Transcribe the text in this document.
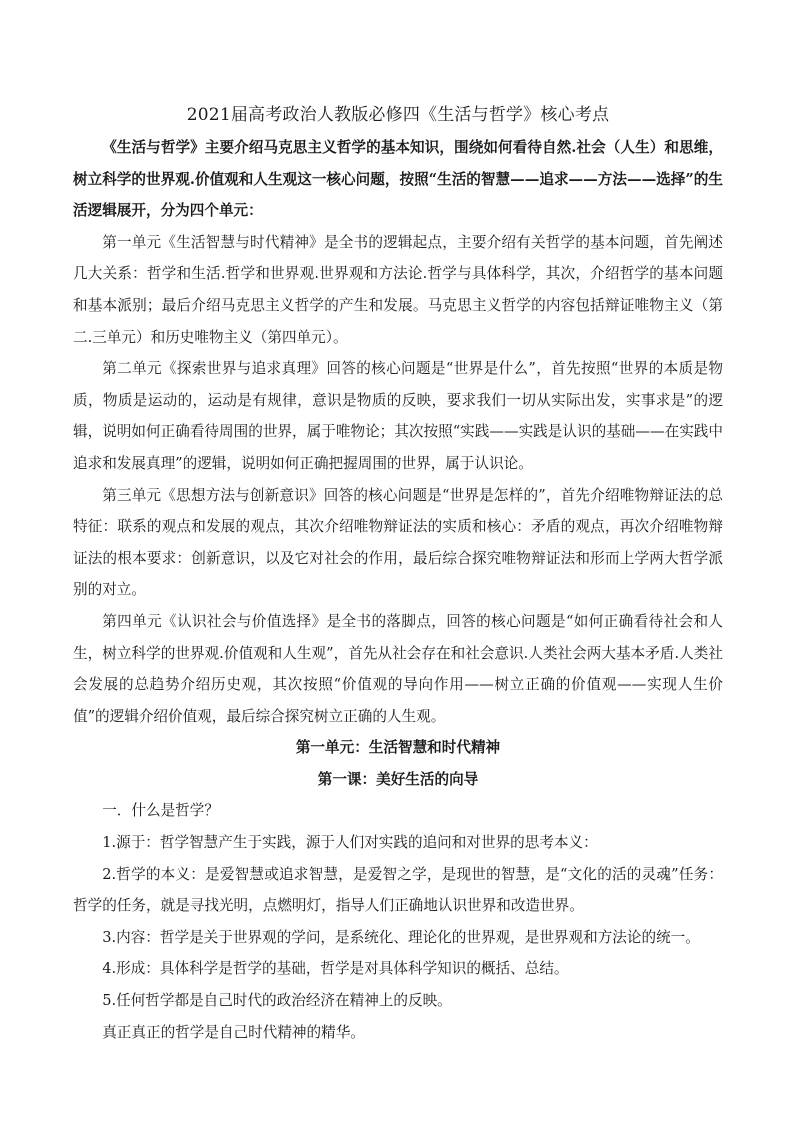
2021届高考政治人教版必修四《生活与哲学》核心考点

《生活与哲学》主要介绍马克思主义哲学的基本知识，围绕如何看待自然.社会（人生）和思维，树立科学的世界观.价值观和人生观这一核心问题，按照“生活的智慧——追求——方法——选择”的生活逻辑展开，分为四个单元：

第一单元《生活智慧与时代精神》是全书的逻辑起点，主要介绍有关哲学的基本问题，首先阐述几大关系：哲学和生活.哲学和世界观.世界观和方法论.哲学与具体科学，其次，介绍哲学的基本问题和基本派别；最后介绍马克思主义哲学的产生和发展。马克思主义哲学的内容包括辩证唯物主义（第二.三单元）和历史唯物主义（第四单元）。

第二单元《探索世界与追求真理》回答的核心问题是“世界是什么”，首先按照“世界的本质是物质，物质是运动的，运动是有规律，意识是物质的反映，要求我们一切从实际出发，实事求是”的逻辑，说明如何正确看待周围的世界，属于唯物论；其次按照“实践——实践是认识的基础——在实践中追求和发展真理”的逻辑，说明如何正确把握周围的世界，属于认识论。

第三单元《思想方法与创新意识》回答的核心问题是“世界是怎样的”，首先介绍唯物辩证法的总特征：联系的观点和发展的观点，其次介绍唯物辩证法的实质和核心：矛盾的观点，再次介绍唯物辩证法的根本要求：创新意识，以及它对社会的作用，最后综合探究唯物辩证法和形而上学两大哲学派别的对立。

第四单元《认识社会与价值选择》是全书的落脚点，回答的核心问题是“如何正确看待社会和人生，树立科学的世界观.价值观和人生观”，首先从社会存在和社会意识.人类社会两大基本矛盾.人类社会发展的总趋势介绍历史观，其次按照“价值观的导向作用——树立正确的价值观——实现人生价值”的逻辑介绍价值观，最后综合探究树立正确的人生观。

第一单元：生活智慧和时代精神

第一课：美好生活的向导

一．什么是哲学？

1.源于：哲学智慧产生于实践，源于人们对实践的追问和对世界的思考本义：

2.哲学的本义：是爱智慧或追求智慧，是爱智之学，是现世的智慧，是“文化的活的灵魂”任务：哲学的任务，就是寻找光明，点燃明灯，指导人们正确地认识世界和改造世界。

3.内容：哲学是关于世界观的学问，是系统化、理论化的世界观，是世界观和方法论的统一。

4.形成：具体科学是哲学的基础，哲学是对具体科学知识的概括、总结。

5.任何哲学都是自己时代的政治经济在精神上的反映。

真正真正的哲学是自己时代精神的精华。
